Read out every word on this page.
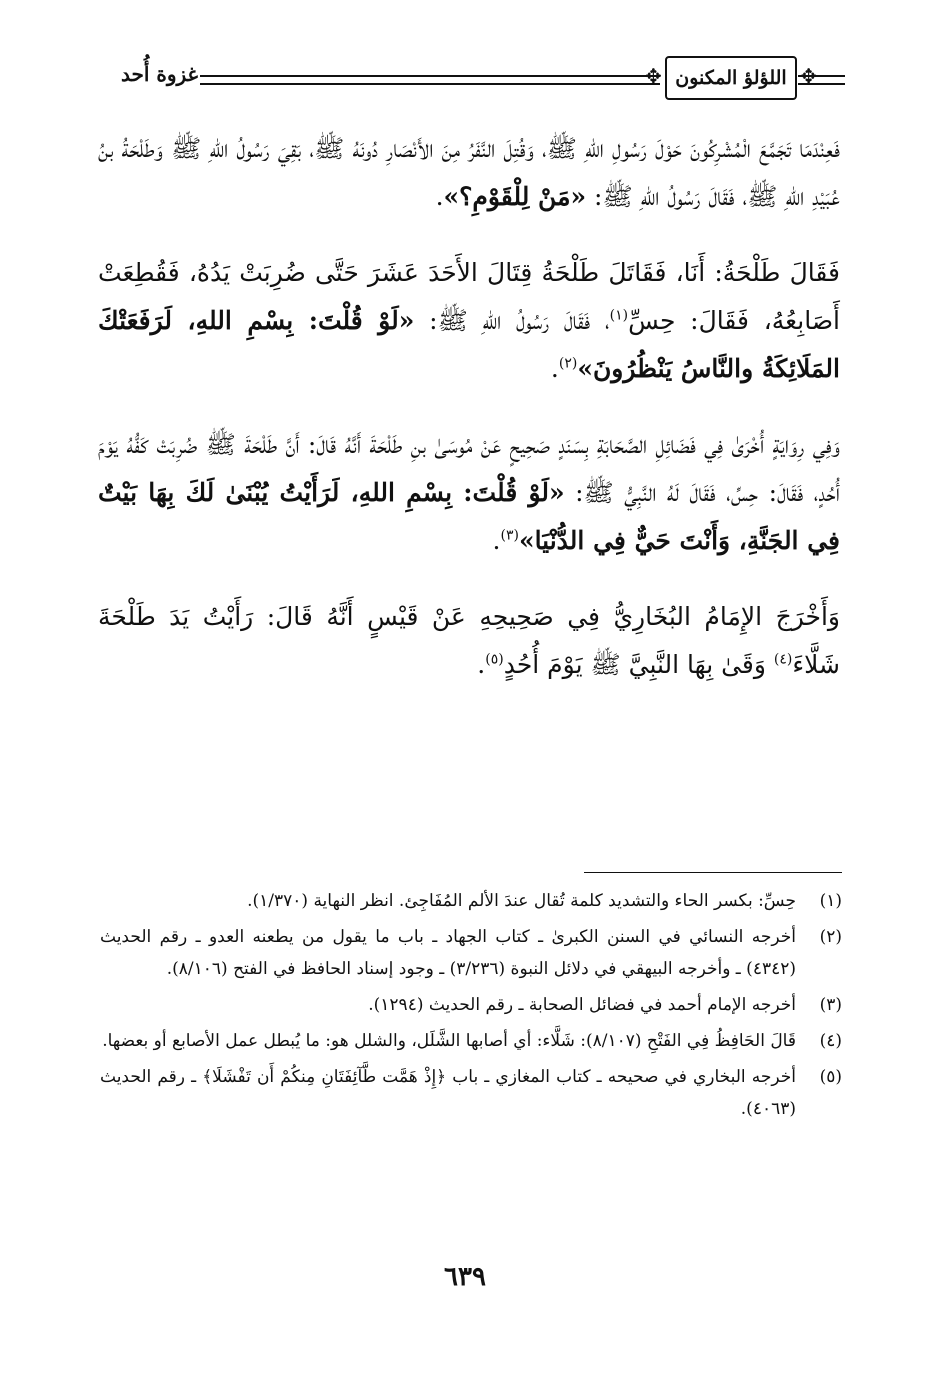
غزوة أُحد
✥	اللؤلؤ المكنون
✥

فَعِنْدَمَا تَجَمَّعَ الْمُشْرِكُونَ حَوْلَ رَسُولِ اللهِ ﷺ، وَقُتِلَ النَّفَرُ مِنَ الأَنْصَارِ دُونَهُ ﷺ، بَقِيَ رَسُولُ اللهِ ﷺ وَطَلْحَةُ بنُ عُبَيْدِ اللهِ ﷺ، فَقَالَ رَسُولُ اللهِ ﷺ: «مَنْ لِلْقَوْمِ؟».

فَقَالَ طَلْحَةُ: أَنَا، فَقَاتَلَ طَلْحَةُ قِتَالَ الأَحَدَ عَشَرَ حَتَّى ضُرِبَتْ يَدُهُ، فَقُطِعَتْ أَصَابِعُهُ، فَقَالَ: حِسِّ$^{(١)}$، فَقَالَ رَسُولُ اللهِ ﷺ: «لَوْ قُلْتَ: بِسْمِ اللهِ، لَرَفَعَتْكَ المَلَائِكَةُ والنَّاسُ يَنْظُرُونَ»$^{(٢)}$.

وَفِي رِوَايَةٍ أُخْرَىٰ فِي فَضَائِلِ الصَّحَابَةِ بِسَنَدٍ صَحِيحٍ عَنْ مُوسَىٰ بنِ طَلْحَةَ أَنَّهُ قَالَ: أَنَّ طَلْحَةَ ﷺ ضُرِبَتْ كَفُّهُ يَوْمَ أُحُدٍ، فَقَالَ: حِسِّ، فَقَالَ لَهُ النَّبِيُّ ﷺ: «لَوْ قُلْتَ: بِسْمِ اللهِ، لَرَأَيْتُ يُبْنَىٰ لَكَ بِهَا بَيْتٌ فِي الجَنَّةِ، وَأَنْتَ حَيٌّ فِي الدُّنْيَا»$^{(٣)}$.

وَأَخْرَجَ الإِمَامُ البُخَارِيُّ فِي صَحِيحِهِ عَنْ قَيْسٍ أَنَّهُ قَالَ: رَأَيْتُ يَدَ طَلْحَةَ شَلَّاءَ$^{(٤)}$ وَقَىٰ بِهَا النَّبِيَّ ﷺ يَوْمَ أُحُدٍ$^{(٥)}$.

(١)
حِسِّ: بكسر الحاء والتشديد كلمة تُقال عندَ الألم المُفَاجِئ. انظر النهاية (١/٣٧٠).
(٢)
أخرجه النسائي في السنن الكبرىٰ ـ كتاب الجهاد ـ باب ما يقول من يطعنه العدو ـ رقم الحديث (٤٣٤٢) ـ وأخرجه البيهقي في دلائل النبوة (٣/٢٣٦) ـ وجود إسناد الحافظ في الفتح (٨/١٠٦).
(٣)
أخرجه الإمام أحمد في فضائل الصحابة ـ رقم الحديث (١٢٩٤).
(٤)
قَالَ الحَافِظُ فِي الفَتْحِ (٨/١٠٧): شَلَّاء: أي أصابها الشَّلَل، والشلل هو: ما يُبطل عمل الأصابع أو بعضها.
(٥)
أخرجه البخاري في صحيحه ـ كتاب المغازي ـ باب ﴿إِذْ هَمَّت طَّآئِفَتَانِ مِنكُمْ أَن تَفْشَلَا﴾ ـ رقم الحديث (٤٠٦٣).
٦٣٩
